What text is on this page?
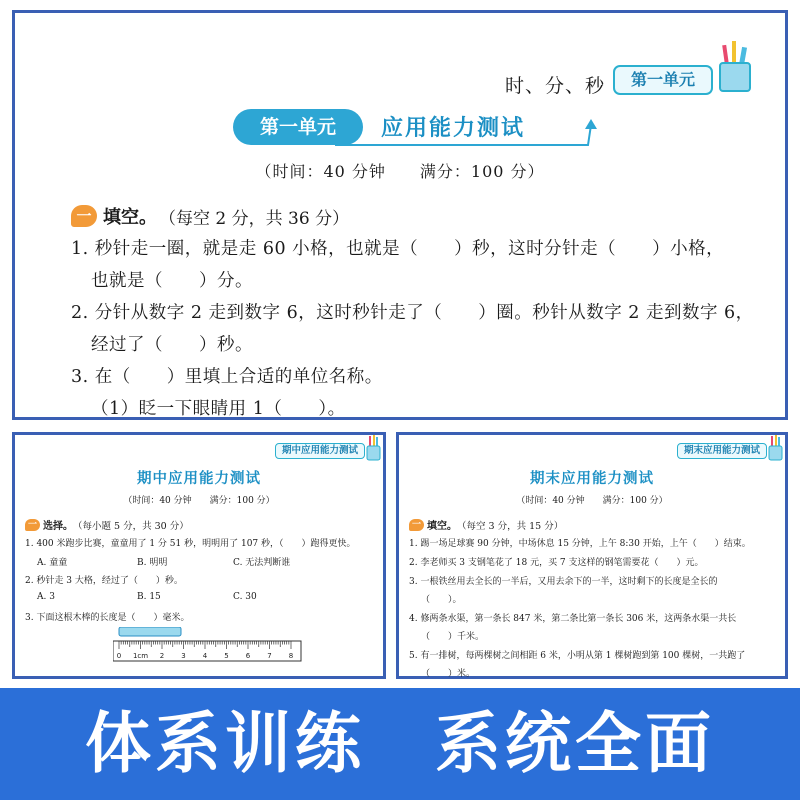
时、分、秒	第一单元
第一单元	应用能力测试
（时间：40 分钟　　满分：100 分）
一 填空。 （每空 2 分，共 36 分）
1. 秒针走一圈，就是走 60 小格，也就是（　　）秒，这时分针走（　　）小格，
也就是（　　）分。
2. 分针从数字 2 走到数字 6，这时秒针走了（　　）圈。秒针从数字 2 走到数字 6，
经过了（　　）秒。
3. 在（　　）里填上合适的单位名称。
（1）眨一下眼睛用 1（　　）。
期中应用能力测试
期中应用能力测试
（时间：40 分钟　　满分：100 分）
一 选择。 （每小题 5 分，共 30 分）
1. 400 米跑步比赛，童童用了 1 分 51 秒，明明用了 107 秒，（　　）跑得更快。
A. 童童	B. 明明	C. 无法判断谁
2. 秒针走 3 大格，经过了（　　）秒。
A. 3	B. 15	C. 30
3. 下面这根木棒的长度是（　　）毫米。
0 1cm 2 3 4 5 6 7 8
期末应用能力测试
期末应用能力测试
（时间：40 分钟　　满分：100 分）
一 填空。 （每空 3 分，共 15 分）
1. 踢一场足球赛 90 分钟，中场休息 15 分钟，上午 8:30 开始，上午（　　）结束。
2. 李老师买 3 支钢笔花了 18 元，买 7 支这样的钢笔需要花（　　）元。
3. 一根铁丝用去全长的一半后，又用去余下的一半，这时剩下的长度是全长的
（　　）。
4. 修两条水渠，第一条长 847 米，第二条比第一条长 306 米，这两条水渠一共长
（　　）千米。
5. 有一排树，每两棵树之间相距 6 米，小明从第 1 棵树跑到第 100 棵树，一共跑了
（　　）米。
体系训练　系统全面
